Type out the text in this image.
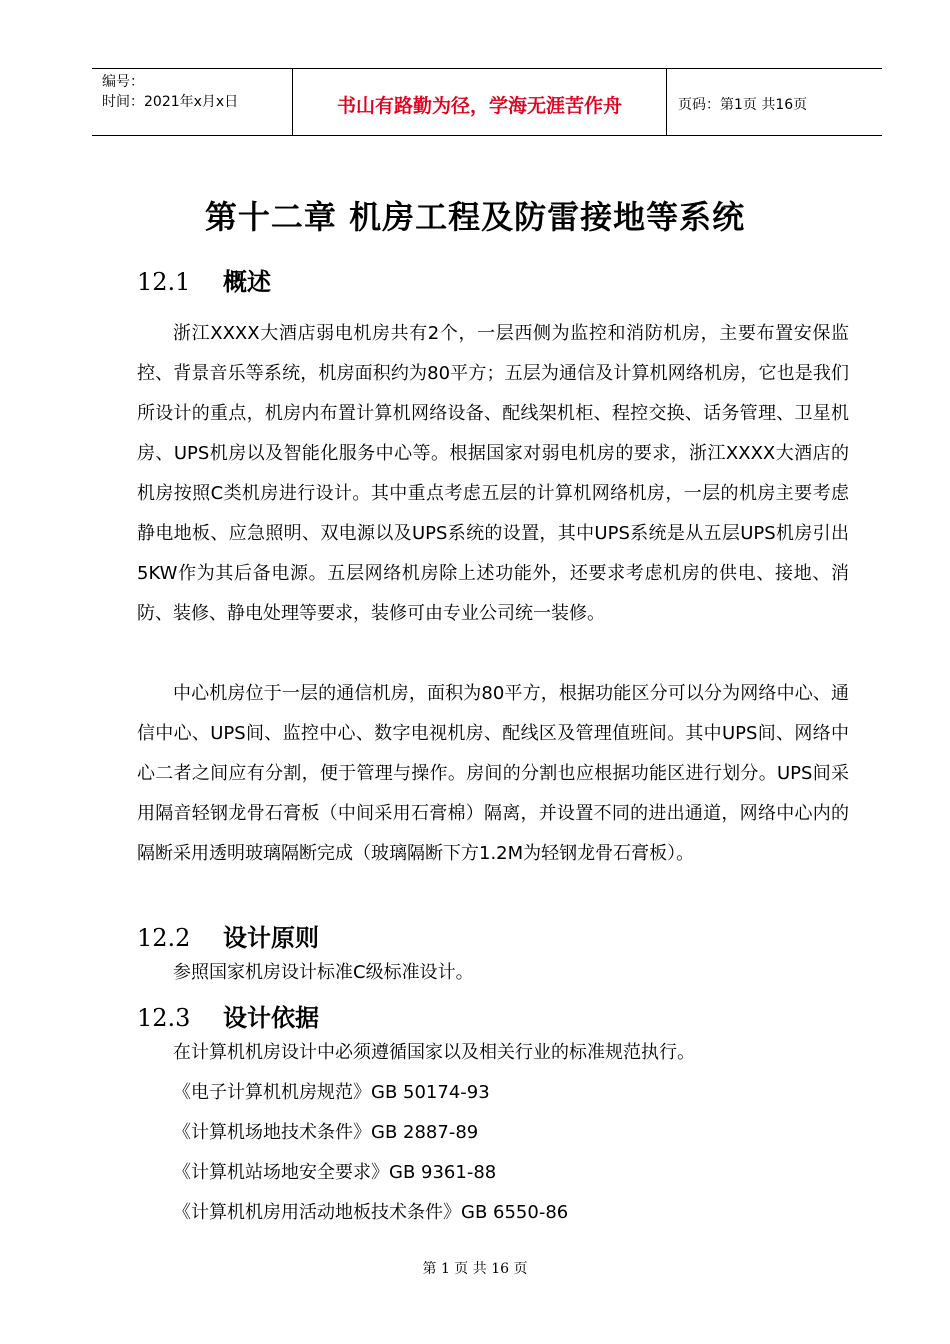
编号：
时间：2021年x月x日	书山有路勤为径，学海无涯苦作舟	页码：第1页 共16页
第十二章 机房工程及防雷接地等系统
12.1 概述

浙江XXXX大酒店弱电机房共有2个，一层西侧为监控和消防机房，主要布置安保监控、背景音乐等系统，机房面积约为80平方；五层为通信及计算机网络机房，它也是我们所设计的重点，机房内布置计算机网络设备、配线架机柜、程控交换、话务管理、卫星机房、UPS机房以及智能化服务中心等。根据国家对弱电机房的要求，浙江XXXX大酒店的机房按照C类机房进行设计。其中重点考虑五层的计算机网络机房，一层的机房主要考虑静电地板、应急照明、双电源以及UPS系统的设置，其中UPS系统是从五层UPS机房引出5KW作为其后备电源。五层网络机房除上述功能外，还要求考虑机房的供电、接地、消防、装修、静电处理等要求，装修可由专业公司统一装修。

中心机房位于一层的通信机房，面积为80平方，根据功能区分可以分为网络中心、通信中心、UPS间、监控中心、数字电视机房、配线区及管理值班间。其中UPS间、网络中心二者之间应有分割，便于管理与操作。房间的分割也应根据功能区进行划分。UPS间采用隔音轻钢龙骨石膏板（中间采用石膏棉）隔离，并设置不同的进出通道，网络中心内的隔断采用透明玻璃隔断完成（玻璃隔断下方1.2M为轻钢龙骨石膏板）。

12.2 设计原则

参照国家机房设计标准C级标准设计。

12.3 设计依据

在计算机机房设计中必须遵循国家以及相关行业的标准规范执行。

《电子计算机机房规范》GB 50174-93

《计算机场地技术条件》GB 2887-89

《计算机站场地安全要求》GB 9361-88

《计算机机房用活动地板技术条件》GB 6550-86

第 1 页 共 16 页
